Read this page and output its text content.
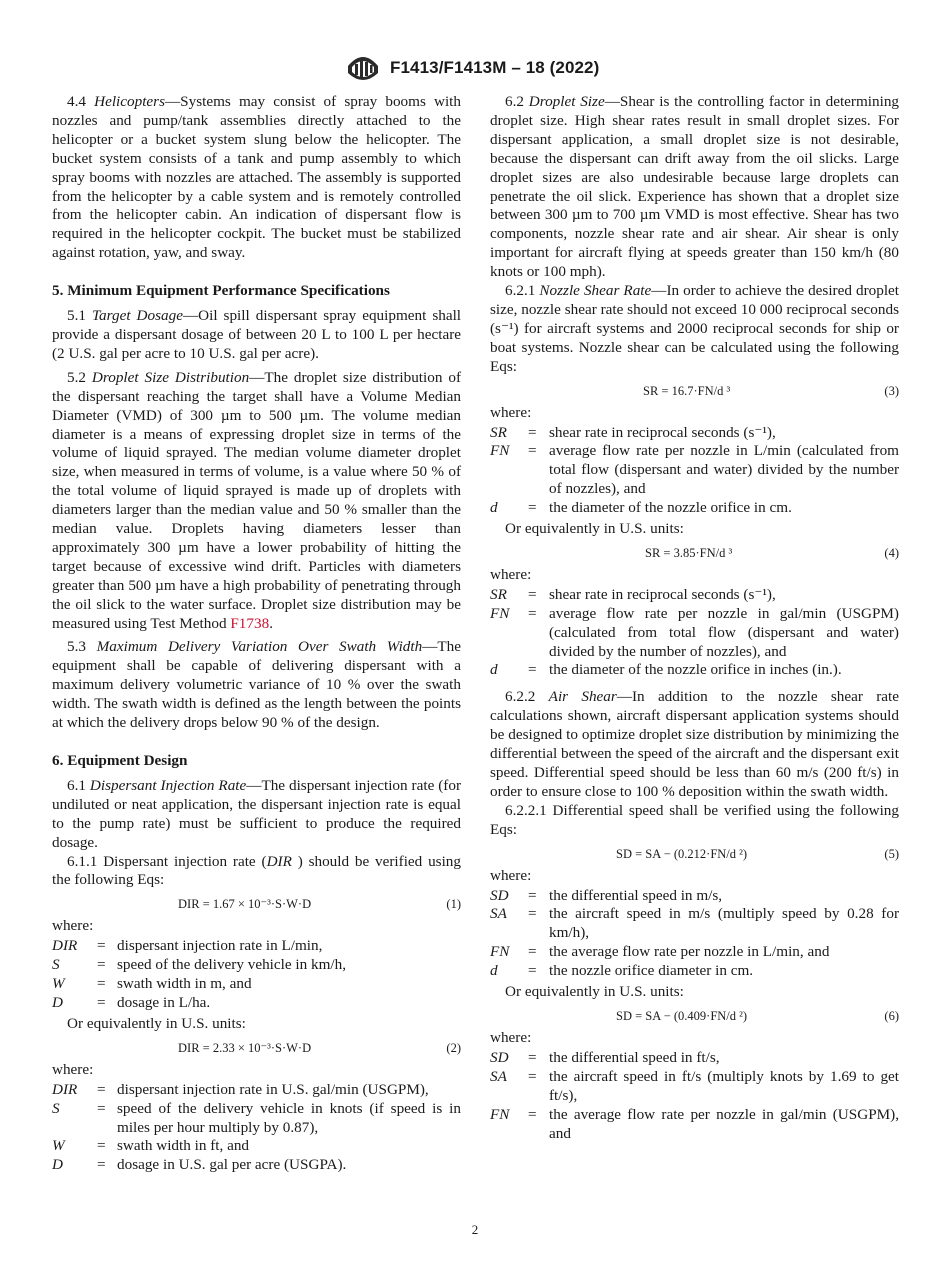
F1413/F1413M – 18 (2022)

4.4 Helicopters—Systems may consist of spray booms with nozzles and pump/tank assemblies directly attached to the helicopter or a bucket system slung below the helicopter. The bucket system consists of a tank and pump assembly to which spray booms with nozzles are attached. The assembly is supported from the helicopter by a cable system and is remotely controlled from the helicopter cabin. An indication of dispersant flow is required in the helicopter cockpit. The bucket must be stabilized against rotation, yaw, and sway.

5. Minimum Equipment Performance Specifications

5.1 Target Dosage—Oil spill dispersant spray equipment shall provide a dispersant dosage of between 20 L to 100 L per hectare (2 U.S. gal per acre to 10 U.S. gal per acre).

5.2 Droplet Size Distribution—The droplet size distribution of the dispersant reaching the target shall have a Volume Median Diameter (VMD) of 300 µm to 500 µm. The volume median diameter is a means of expressing droplet size in terms of the volume of liquid sprayed. The median volume diameter droplet size, when measured in terms of volume, is a value where 50 % of the total volume of liquid sprayed is made up of droplets with diameters larger than the median value and 50 % smaller than the median value. Droplets having diameters lesser than approximately 300 µm have a lower probability of hitting the target because of excessive wind drift. Particles with diameters greater than 500 µm have a high probability of penetrating through the oil slick to the water surface. Droplet size distribution may be measured using Test Method F1738.

5.3 Maximum Delivery Variation Over Swath Width—The equipment shall be capable of delivering dispersant with a maximum delivery volumetric variance of 10 % over the swath width. The swath width is defined as the length between the points at which the delivery drops below 90 % of the design.

6. Equipment Design

6.1 Dispersant Injection Rate—The dispersant injection rate (for undiluted or neat application, the dispersant injection rate is equal to the pump rate) must be sufficient to produce the required dosage.

6.1.1 Dispersant injection rate (DIR ) should be verified using the following Eqs:

DIR = 1.67 × 10⁻³·S·W·D	(1)
where:
DIR	= dispersant injection rate in L/min,
S	= speed of the delivery vehicle in km/h,
W	= swath width in m, and
D	= dosage in L/ha.

Or equivalently in U.S. units:

DIR = 2.33 × 10⁻³·S·W·D	(2)
where:
DIR	= dispersant injection rate in U.S. gal/min (USGPM),
S	= speed of the delivery vehicle in knots (if speed is in miles per hour multiply by 0.87),
W	= swath width in ft, and
D	= dosage in U.S. gal per acre (USGPA).

6.2 Droplet Size—Shear is the controlling factor in determining droplet size. High shear rates result in small droplet sizes. For dispersant application, a small droplet size is not desirable, because the dispersant can drift away from the oil slicks. Large droplet sizes are also undesirable because large droplets can penetrate the oil slick. Experience has shown that a droplet size between 300 µm to 700 µm VMD is most effective. Shear has two components, nozzle shear rate and air shear. Air shear is only important for aircraft flying at speeds greater than 150 km/h (80 knots or 100 mph).

6.2.1 Nozzle Shear Rate—In order to achieve the desired droplet size, nozzle shear rate should not exceed 10 000 reciprocal seconds (s⁻¹) for aircraft systems and 2000 reciprocal seconds for ship or boat systems. Nozzle shear can be calculated using the following Eqs:

SR = 16.7·FN/d ³	(3)
where:
SR	= shear rate in reciprocal seconds (s⁻¹),
FN	= average flow rate per nozzle in L/min (calculated from total flow (dispersant and water) divided by the number of nozzles), and
d	= the diameter of the nozzle orifice in cm.

Or equivalently in U.S. units:

SR = 3.85·FN/d ³	(4)
where:
SR	= shear rate in reciprocal seconds (s⁻¹),
FN	= average flow rate per nozzle in gal/min (USGPM) (calculated from total flow (dispersant and water) divided by the number of nozzles), and
d	= the diameter of the nozzle orifice in inches (in.).

6.2.2 Air Shear—In addition to the nozzle shear rate calculations shown, aircraft dispersant application systems should be designed to optimize droplet size distribution by minimizing the differential between the speed of the aircraft and the dispersant exit speed. Differential speed should be less than 60 m/s (200 ft/s) in order to ensure close to 100 % deposition within the swath width.

6.2.2.1 Differential speed shall be verified using the following Eqs:

SD = SA − (0.212·FN/d ²)	(5)
where:
SD	= the differential speed in m/s,
SA	= the aircraft speed in m/s (multiply speed by 0.28 for km/h),
FN	= the average flow rate per nozzle in L/min, and
d	= the nozzle orifice diameter in cm.

Or equivalently in U.S. units:

SD = SA − (0.409·FN/d ²)	(6)
where:
SD	= the differential speed in ft/s,
SA	= the aircraft speed in ft/s (multiply knots by 1.69 to get ft/s),
FN	= the average flow rate per nozzle in gal/min (USGPM), and
2
